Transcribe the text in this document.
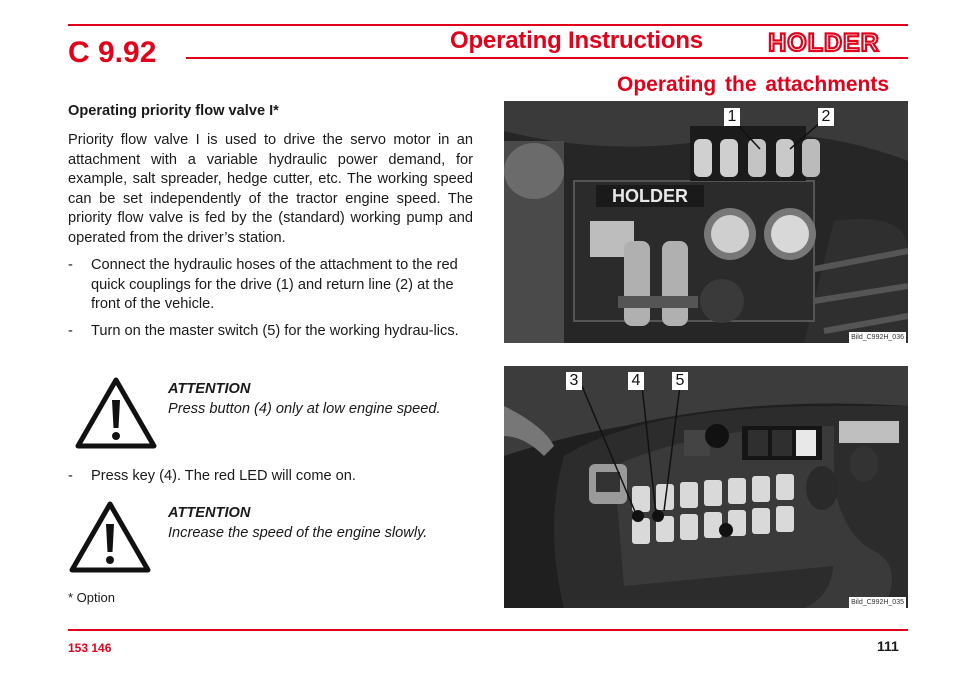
C 9.92	Operating Instructions	HOLDER
Operating the attachments
Operating priority flow valve I*
Priority flow valve I is used to drive the servo motor in an attachment with a variable hydraulic power demand, for example, salt spreader, hedge cutter, etc. The working speed can be set independently of the tractor engine speed. The priority flow valve is fed by the (standard) working pump and operated from the driver’s station.
- Connect the hydraulic hoses of the attachment to the red quick couplings for the drive (1) and return line (2) at the front of the vehicle.
- Turn on the master switch (5) for the working hydrau-lics.
ATTENTION
Press button (4) only at low engine speed.
- Press key (4). The red LED will come on.
ATTENTION
Increase the speed of the engine slowly.
* Option
HOLDER
1	2
Bild_C992H_036
3	4 5
Bild_C992H_035
153 146	111
